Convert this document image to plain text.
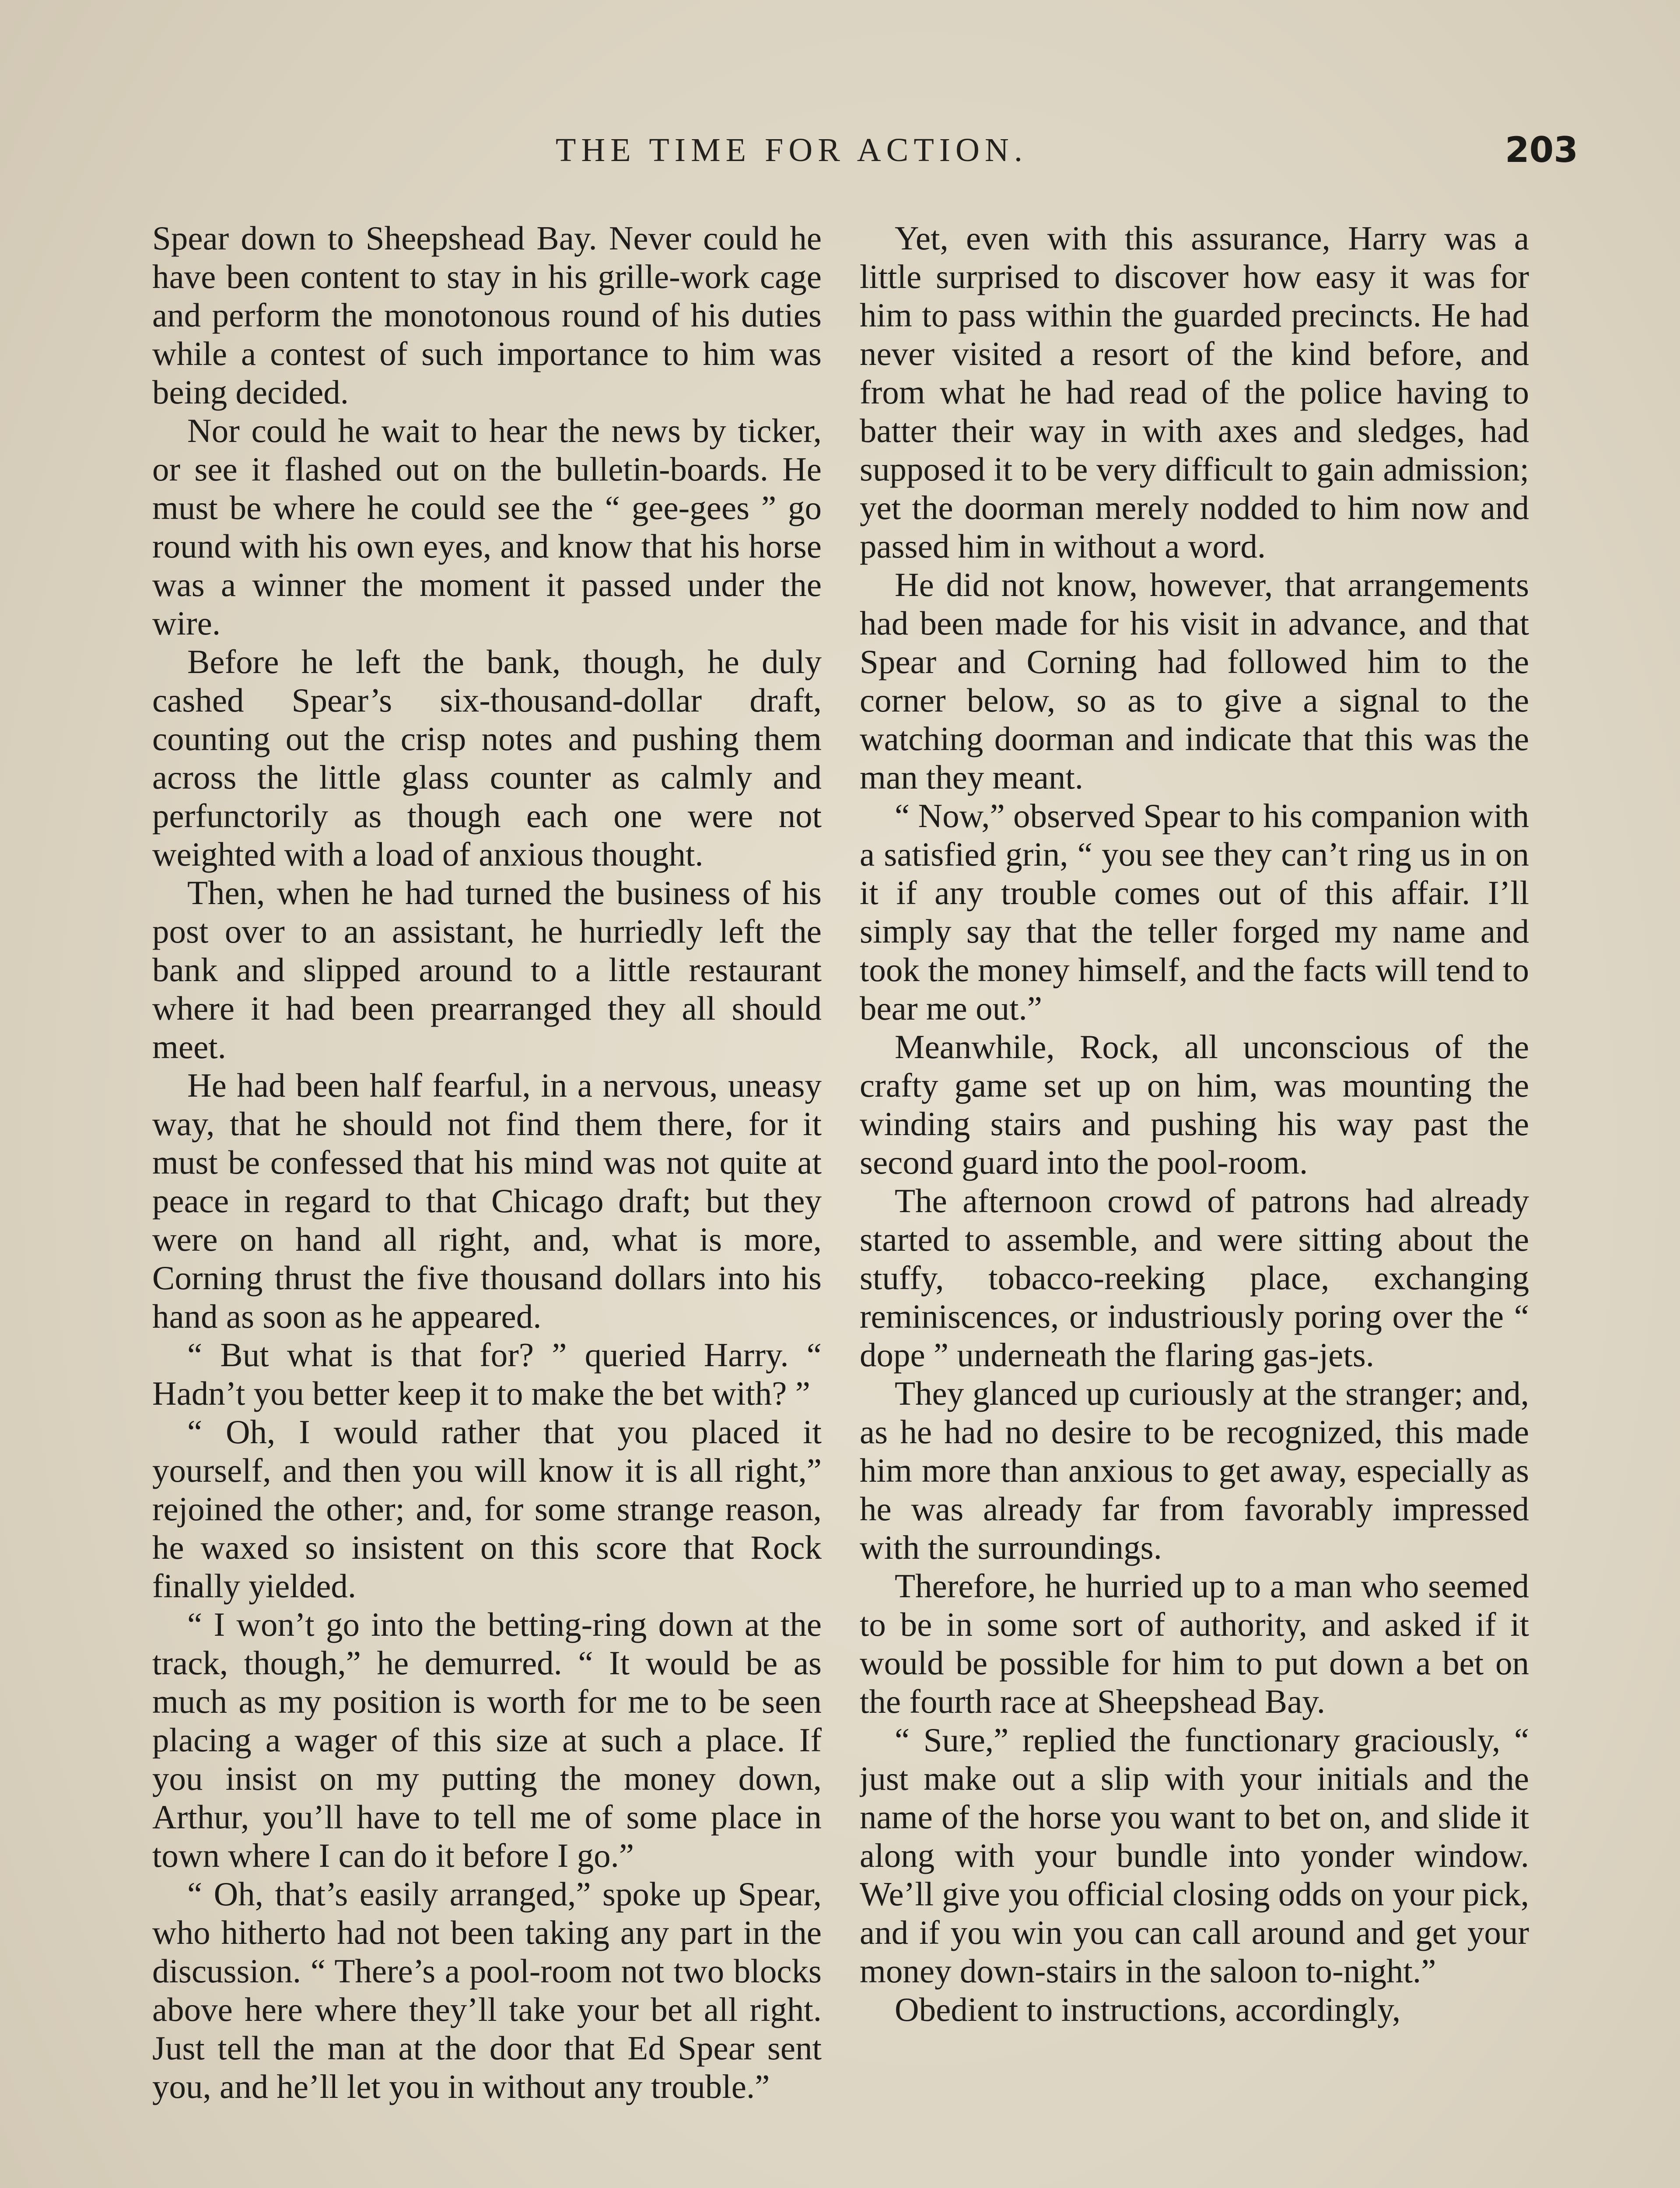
THE TIME FOR ACTION.	203

Spear down to Sheepshead Bay. Never could he have been content to stay in his grille-work cage and perform the monotonous round of his duties while a contest of such importance to him was being decided.

Nor could he wait to hear the news by ticker, or see it flashed out on the bulletin-boards. He must be where he could see the “ gee-gees ” go round with his own eyes, and know that his horse was a winner the moment it passed under the wire.

Before he left the bank, though, he duly cashed Spear’s six-thousand-dollar draft, counting out the crisp notes and pushing them across the little glass counter as calmly and perfunctorily as though each one were not weighted with a load of anxious thought.

Then, when he had turned the business of his post over to an assistant, he hurriedly left the bank and slipped around to a little restaurant where it had been prearranged they all should meet.

He had been half fearful, in a nervous, uneasy way, that he should not find them there, for it must be confessed that his mind was not quite at peace in regard to that Chicago draft; but they were on hand all right, and, what is more, Corning thrust the five thousand dollars into his hand as soon as he appeared.

“ But what is that for? ” queried Harry. “ Hadn’t you better keep it to make the bet with? ”

“ Oh, I would rather that you placed it yourself, and then you will know it is all right,” rejoined the other; and, for some strange reason, he waxed so insistent on this score that Rock finally yielded.

“ I won’t go into the betting-ring down at the track, though,” he demurred. “ It would be as much as my position is worth for me to be seen placing a wager of this size at such a place. If you insist on my putting the money down, Arthur, you’ll have to tell me of some place in town where I can do it before I go.”

“ Oh, that’s easily arranged,” spoke up Spear, who hitherto had not been taking any part in the discussion. “ There’s a pool-room not two blocks above here where they’ll take your bet all right. Just tell the man at the door that Ed Spear sent you, and he’ll let you in without any trouble.”

Yet, even with this assurance, Harry was a little surprised to discover how easy it was for him to pass within the guarded precincts. He had never visited a resort of the kind before, and from what he had read of the police having to batter their way in with axes and sledges, had supposed it to be very difficult to gain admission; yet the doorman merely nodded to him now and passed him in without a word.

He did not know, however, that arrangements had been made for his visit in advance, and that Spear and Corning had followed him to the corner below, so as to give a signal to the watching doorman and indicate that this was the man they meant.

“ Now,” observed Spear to his companion with a satisfied grin, “ you see they can’t ring us in on it if any trouble comes out of this affair. I’ll simply say that the teller forged my name and took the money himself, and the facts will tend to bear me out.”

Meanwhile, Rock, all unconscious of the crafty game set up on him, was mounting the winding stairs and pushing his way past the second guard into the pool-room.

The afternoon crowd of patrons had already started to assemble, and were sitting about the stuffy, tobacco-reeking place, exchanging reminiscences, or industriously poring over the “ dope ” underneath the flaring gas-jets.

They glanced up curiously at the stranger; and, as he had no desire to be recognized, this made him more than anxious to get away, especially as he was already far from favorably impressed with the surroundings.

Therefore, he hurried up to a man who seemed to be in some sort of authority, and asked if it would be possible for him to put down a bet on the fourth race at Sheepshead Bay.

“ Sure,” replied the functionary graciously, “ just make out a slip with your initials and the name of the horse you want to bet on, and slide it along with your bundle into yonder window. We’ll give you official closing odds on your pick, and if you win you can call around and get your money down-stairs in the saloon to-night.”

Obedient to instructions, accordingly,
